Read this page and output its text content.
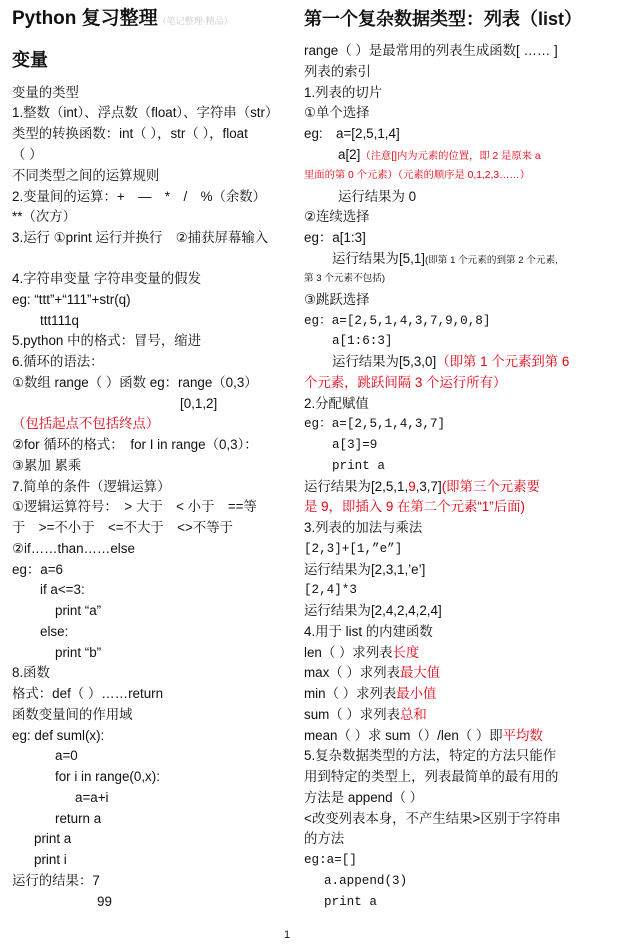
Python 复习整理（笔记整理·精品）
变量
变量的类型
1.整数（int）、浮点数（float）、字符串（str）
类型的转换函数：int（ ），str（ ），float
（ ）
不同类型之间的运算规则
2.变量间的运算：+　—　*　/　%（余数）
**（次方）
3.运行 ①print 运行并换行　②捕获屏幕输入
4.字符串变量 字符串变量的假发
eg: “ttt”+“111”+str(q)
ttt111q
5.python 中的格式：冒号，缩进
6.循环的语法：
①数组 range（ ）函数 eg：range（0,3）
[0,1,2]
（包括起点不包括终点）
②for 循环的格式：　for I in range（0,3）：
③累加 累乘
7.简单的条件（逻辑运算）
①逻辑运算符号：　> 大于　< 小于　==等
于　>=不小于　<=不大于　<>不等于
②if……than……else
eg：a=6
if a<=3:
print “a”
else:
print “b”
8.函数
格式：def（ ）……return
函数变量间的作用域
eg: def suml(x):
a=0
for i in range(0,x):
a=a+i
return a
print a
print i
运行的结果：7
99
第一个复杂数据类型：列表（list）
range（ ）是最常用的列表生成函数[ …… ]
列表的索引
1.列表的切片
①单个选择
eg:　a=[2,5,1,4]
a[2]（注意[]内为元素的位置，即 2 是原来 a
里面的第 0 个元素）（元素的顺序是 0,1,2,3……）
运行结果为 0
②连续选择
eg：a[1:3]
运行结果为[5,1](即第 1 个元素的到第 2 个元素,
第 3 个元素不包括)
③跳跃选择
eg：a=[2,5,1,4,3,7,9,0,8]
a[1:6:3]
运行结果为[5,3,0]（即第 1 个元素到第 6
个元素，跳跃间隔 3 个运行所有）
2.分配赋值
eg：a=[2,5,1,4,3,7]
a[3]=9
print a
运行结果为[2,5,1,9,3,7](即第三个元素要
是 9，即插入 9 在第二个元素“1”后面)
3.列表的加法与乘法
[2,3]+[1,”e”]
运行结果为[2,3,1,’e’]
[2,4]*3
运行结果为[2,4,2,4,2,4]
4.用于 list 的内建函数
len（ ）求列表长度
max（ ）求列表最大值
min（ ）求列表最小值
sum（ ）求列表总和
mean（ ）求 sum（）/len（ ）即平均数
5.复杂数据类型的方法，特定的方法只能作
用到特定的类型上，列表最简单的最有用的
方法是 append（ ）
<改变列表本身，不产生结果>区别于字符串
的方法
eg:a=[]
a.append(3)
print a
1
